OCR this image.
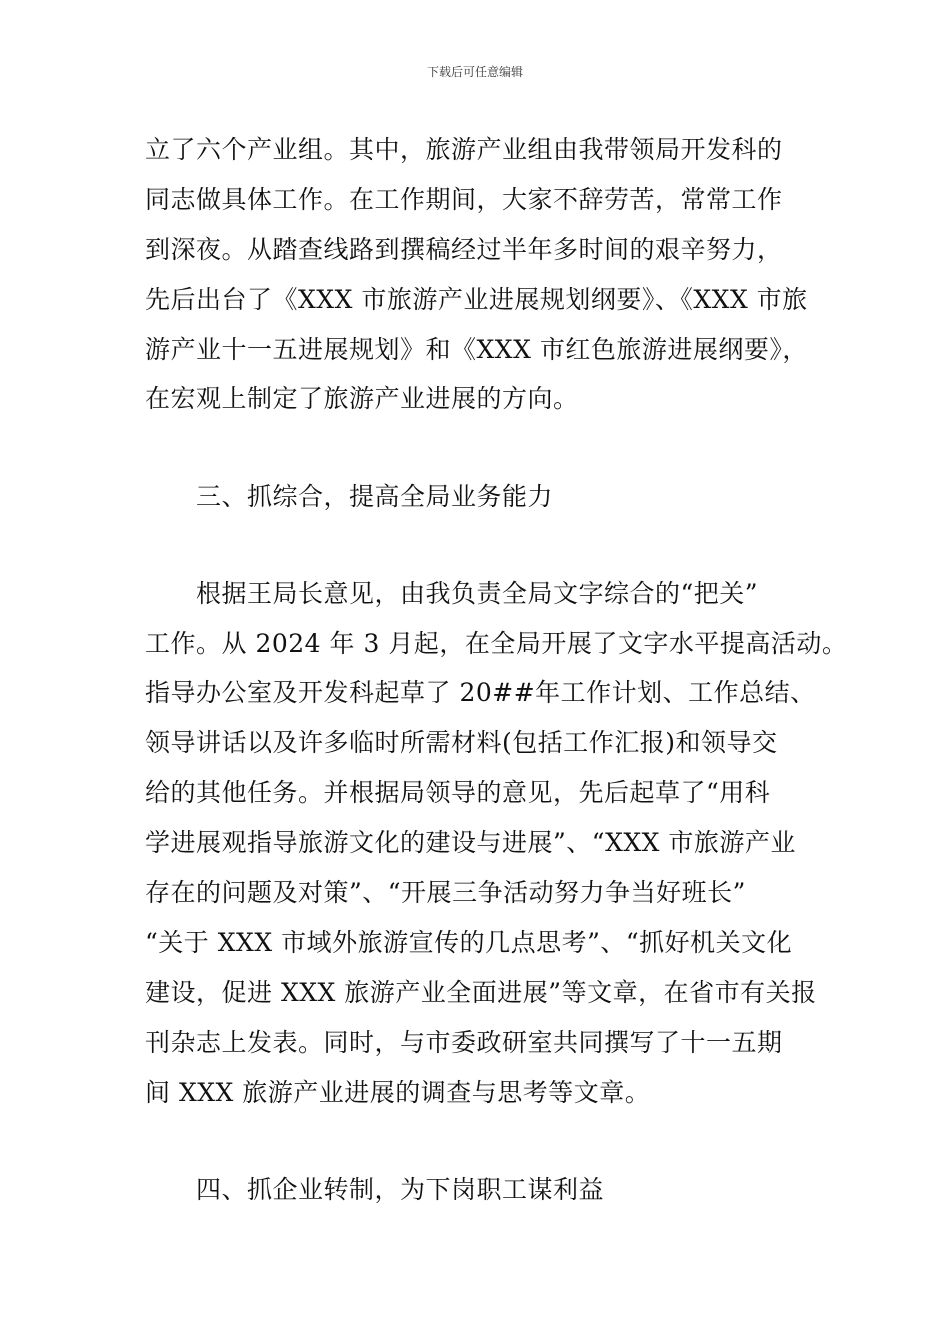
下载后可任意编辑
立了六个产业组。其中，旅游产业组由我带领局开发科的
同志做具体工作。在工作期间，大家不辞劳苦，常常工作
到深夜。从踏查线路到撰稿经过半年多时间的艰辛努力，
先后出台了《XXX 市旅游产业进展规划纲要》、《XXX 市旅
游产业十一五进展规划》和《XXX 市红色旅游进展纲要》，
在宏观上制定了旅游产业进展的方向。
三、抓综合，提高全局业务能力
根据王局长意见，由我负责全局文字综合的“把关”
工作。从 2024 年 3 月起，在全局开展了文字水平提高活动。
指导办公室及开发科起草了 20##年工作计划、工作总结、
领导讲话以及许多临时所需材料(包括工作汇报)和领导交
给的其他任务。并根据局领导的意见，先后起草了“用科
学进展观指导旅游文化的建设与进展”、“XXX 市旅游产业
存在的问题及对策”、“开展三争活动努力争当好班长”
“关于 XXX 市域外旅游宣传的几点思考”、“抓好机关文化
建设，促进 XXX 旅游产业全面进展”等文章，在省市有关报
刊杂志上发表。同时，与市委政研室共同撰写了十一五期
间 XXX 旅游产业进展的调查与思考等文章。
四、抓企业转制，为下岗职工谋利益
